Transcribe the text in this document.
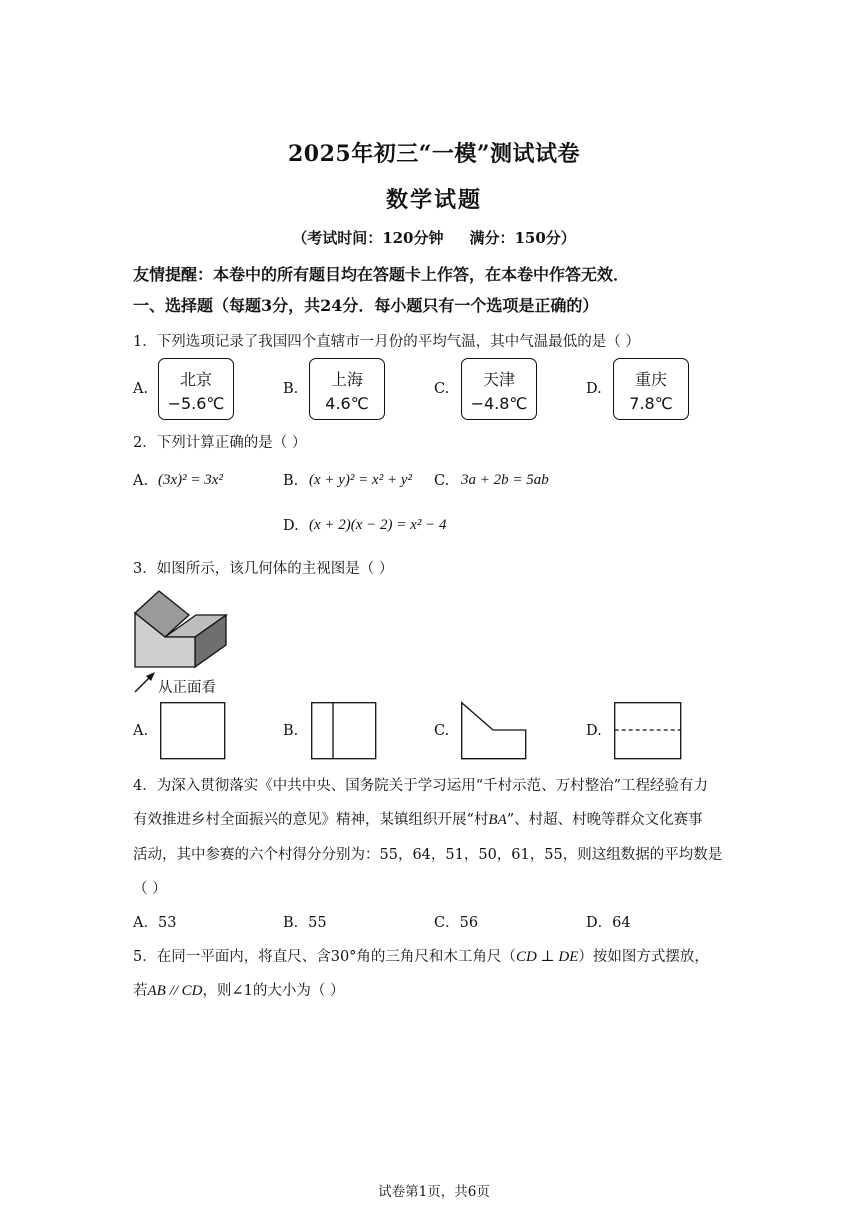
2025年初三“一模”测试试卷
数学试题
（考试时间：120分钟 满分：150分）
友情提醒：本卷中的所有题目均在答题卡上作答，在本卷中作答无效．
一、选择题（每题3分，共24分．每小题只有一个选项是正确的）
1．下列选项记录了我国四个直辖市一月份的平均气温，其中气温最低的是（ ）
A.	北京
−5.6℃
B.	上海
4.6℃
C.	天津
−4.8℃
D.	重庆
7.8℃
2．下列计算正确的是（ ）
A. (3x)² = 3x²	B. (x + y)² = x² + y² C. 3a + 2b = 5ab
D. (x + 2)(x − 2) = x² − 4
3．如图所示，该几何体的主视图是（ ）
从正面看
A.	B.	C.	D.
4．为深入贯彻落实《中共中央、国务院关于学习运用“千村示范、万村整治”工程经验有力
有效推进乡村全面振兴的意见》精神，某镇组织开展“村BA”、村超、村晚等群众文化赛事
活动，其中参赛的六个村得分分别为：55，64，51，50，61，55，则这组数据的平均数是
（ ）
A．53	B．55	C．56	D．64
5．在同一平面内，将直尺、含30°角的三角尺和木工角尺（CD ⊥ DE）按如图方式摆放，
若AB // CD，则∠1的大小为（ ）
试卷第1页，共6页
